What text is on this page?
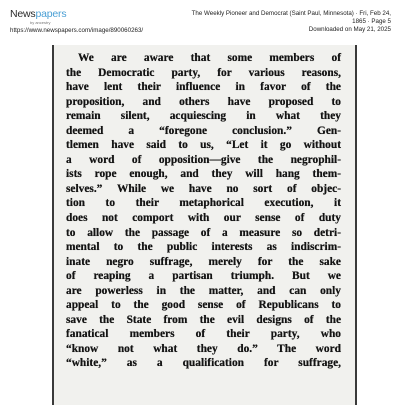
Newspapers
by ancestry
https://www.newspapers.com/image/890060263/
The Weekly Pioneer and Democrat (Saint Paul, Minnesota) · Fri, Feb 24,
1865 · Page 5
Downloaded on May 21, 2025
We are aware that some members of
the Democratic party, for various reasons,
have lent their influence in favor of the
proposition, and others have proposed to
remain silent, acquiescing in what they
deemed a “foregone conclusion.” Gen-
tlemen have said to us, “Let it go without
a word of opposition—give the negrophil-
ists rope enough, and they will hang them-
selves.” While we have no sort of objec-
tion to their metaphorical execution, it
does not comport with our sense of duty
to allow the passage of a measure so detri-
mental to the public interests as indiscrim-
inate negro suffrage, merely for the sake
of reaping a partisan triumph. But we
are powerless in the matter, and can only
appeal to the good sense of Republicans to
save the State from the evil designs of the
fanatical members of their party, who
“know not what they do.” The word
“white,” as a qualification for suffrage,
